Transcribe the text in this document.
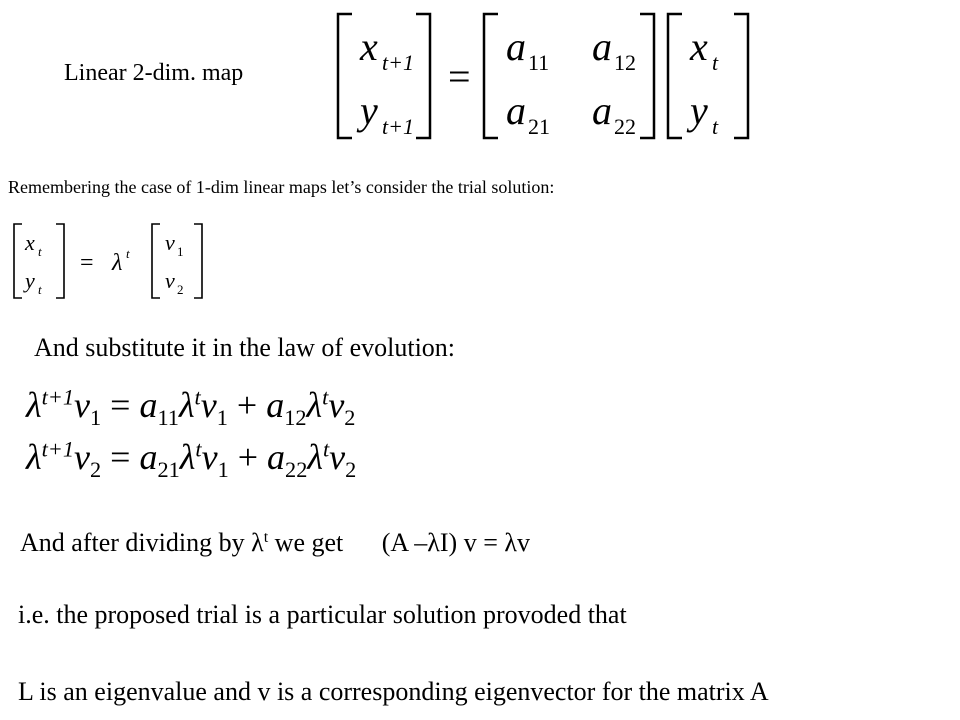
Linear 2-dim. map
x t+1
y t+1
=
a 11 a 12
a 21 a 22
x t
y t
Remembering the case of 1-dim linear maps let’s consider the trial solution:
x t
y t
= λ t v 1
v 2
And substitute it in the law of evolution:
$\lambda^{t+1}v_1 = a_{11}\lambda^tv_1 + a_{12}\lambda^tv_2$
$\lambda^{t+1}v_2 = a_{21}\lambda^tv_1 + a_{22}\lambda^tv_2$
And after dividing by $\lambda^t$ we get (A –λI) v = λv
i.e. the proposed trial is a particular solution provoded that
L is an eigenvalue and v is a corresponding eigenvector for the matrix A
